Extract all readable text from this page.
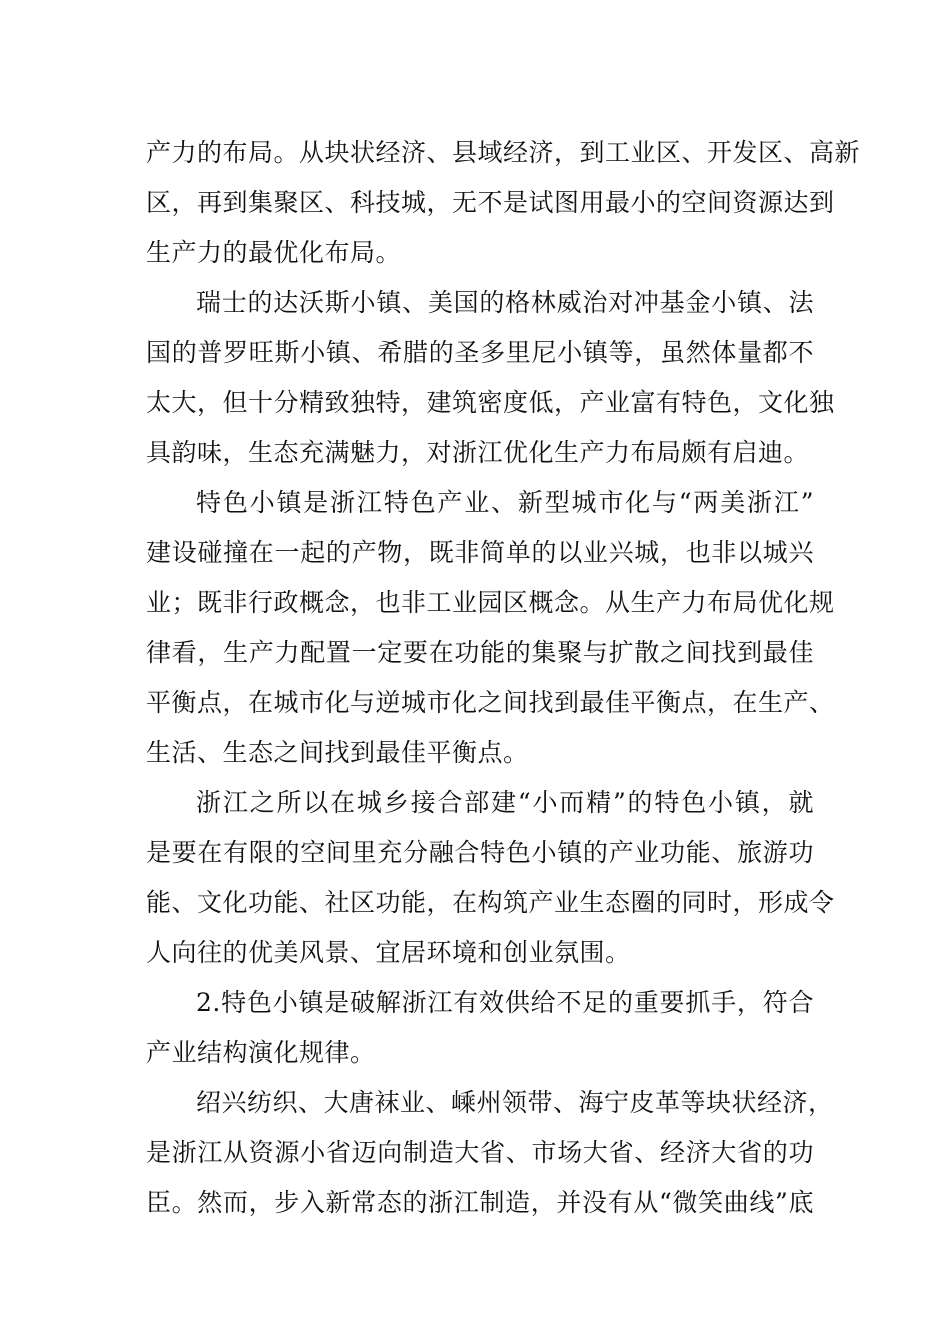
产力的布局。从块状经济、县域经济，到工业区、开发区、高新
区，再到集聚区、科技城，无不是试图用最小的空间资源达到
生产力的最优化布局。
瑞士的达沃斯小镇、美国的格林威治对冲基金小镇、法
国的普罗旺斯小镇、希腊的圣多里尼小镇等，虽然体量都不
太大，但十分精致独特，建筑密度低，产业富有特色，文化独
具韵味，生态充满魅力，对浙江优化生产力布局颇有启迪。
特色小镇是浙江特色产业、新型城市化与“两美浙江”
建设碰撞在一起的产物，既非简单的以业兴城，也非以城兴
业；既非行政概念，也非工业园区概念。从生产力布局优化规
律看，生产力配置一定要在功能的集聚与扩散之间找到最佳
平衡点，在城市化与逆城市化之间找到最佳平衡点，在生产、
生活、生态之间找到最佳平衡点。
浙江之所以在城乡接合部建“小而精”的特色小镇，就
是要在有限的空间里充分融合特色小镇的产业功能、旅游功
能、文化功能、社区功能，在构筑产业生态圈的同时，形成令
人向往的优美风景、宜居环境和创业氛围。
2.特色小镇是破解浙江有效供给不足的重要抓手，符合
产业结构演化规律。
绍兴纺织、大唐袜业、嵊州领带、海宁皮革等块状经济，
是浙江从资源小省迈向制造大省、市场大省、经济大省的功
臣。然而，步入新常态的浙江制造，并没有从“微笑曲线”底
